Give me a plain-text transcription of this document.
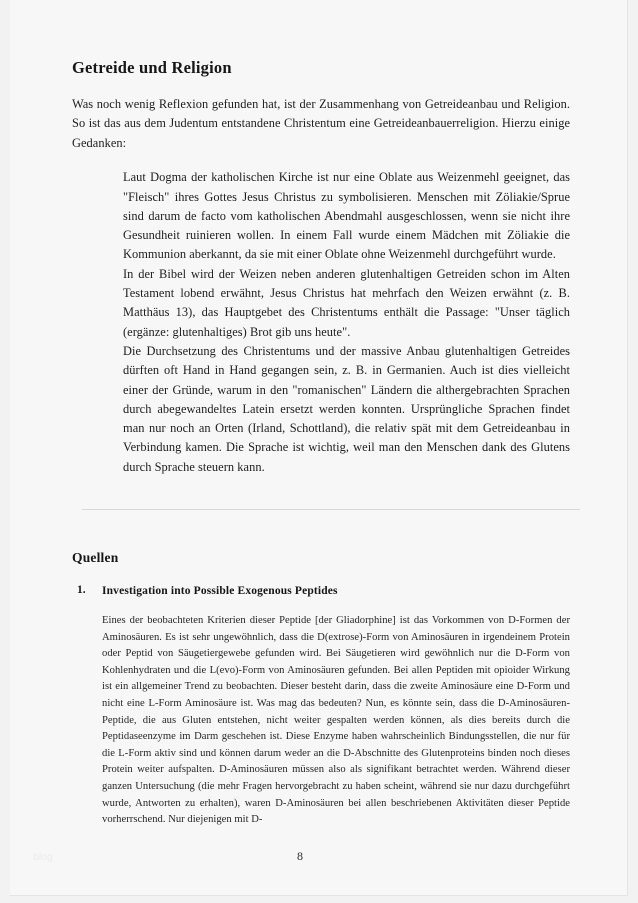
Getreide und Religion

Was noch wenig Reflexion gefunden hat, ist der Zusammenhang von Getreideanbau und Religion. So ist das aus dem Judentum entstandene Christentum eine Getreideanbauerreligion. Hierzu einige Gedanken:

Laut Dogma der katholischen Kirche ist nur eine Oblate aus Weizenmehl geeignet, das "Fleisch" ihres Gottes Jesus Christus zu symbolisieren. Menschen mit Zöliakie/Sprue sind darum de facto vom katholischen Abendmahl ausgeschlossen, wenn sie nicht ihre Gesundheit ruinieren wollen. In einem Fall wurde einem Mädchen mit Zöliakie die Kommunion aberkannt, da sie mit einer Oblate ohne Weizenmehl durchgeführt wurde.

In der Bibel wird der Weizen neben anderen glutenhaltigen Getreiden schon im Alten Testament lobend erwähnt, Jesus Christus hat mehrfach den Weizen erwähnt (z. B. Matthäus 13), das Hauptgebet des Christentums enthält die Passage: "Unser täglich (ergänze: glutenhaltiges) Brot gib uns heute".

Die Durchsetzung des Christentums und der massive Anbau glutenhaltigen Getreides dürften oft Hand in Hand gegangen sein, z. B. in Germanien. Auch ist dies vielleicht einer der Gründe, warum in den "romanischen" Ländern die althergebrachten Sprachen durch abegewandeltes Latein ersetzt werden konnten. Ursprüngliche Sprachen findet man nur noch an Orten (Irland, Schottland), die relativ spät mit dem Getreideanbau in Verbindung kamen. Die Sprache ist wichtig, weil man den Menschen dank des Glutens durch Sprache steuern kann.

Quellen
Investigation into Possible Exogenous Peptides

Eines der beobachteten Kriterien dieser Peptide [der Gliadorphine] ist das Vorkommen von D-Formen der Aminosäuren. Es ist sehr ungewöhnlich, dass die D(extrose)-Form von Aminosäuren in irgendeinem Protein oder Peptid von Säugetiergewebe gefunden wird. Bei Säugetieren wird gewöhnlich nur die D-Form von Kohlenhydraten und die L(evo)-Form von Aminosäuren gefunden. Bei allen Peptiden mit opioider Wirkung ist ein allgemeiner Trend zu beobachten. Dieser besteht darin, dass die zweite Aminosäure eine D-Form und nicht eine L-Form Aminosäure ist. Was mag das bedeuten? Nun, es könnte sein, dass die D-Aminosäuren-Peptide, die aus Gluten entstehen, nicht weiter gespalten werden können, als dies bereits durch die Peptidaseenzyme im Darm geschehen ist. Diese Enzyme haben wahrscheinlich Bindungsstellen, die nur für die L-Form aktiv sind und können darum weder an die D-Abschnitte des Glutenproteins binden noch dieses Protein weiter aufspalten. D-Aminosäuren müssen also als signifikant betrachtet werden. Während dieser ganzen Untersuchung (die mehr Fragen hervorgebracht zu haben scheint, während sie nur dazu durchgeführt wurde, Antworten zu erhalten), waren D-Aminosäuren bei allen beschriebenen Aktivitäten dieser Peptide vorherrschend. Nur diejenigen mit D-

blog	8
